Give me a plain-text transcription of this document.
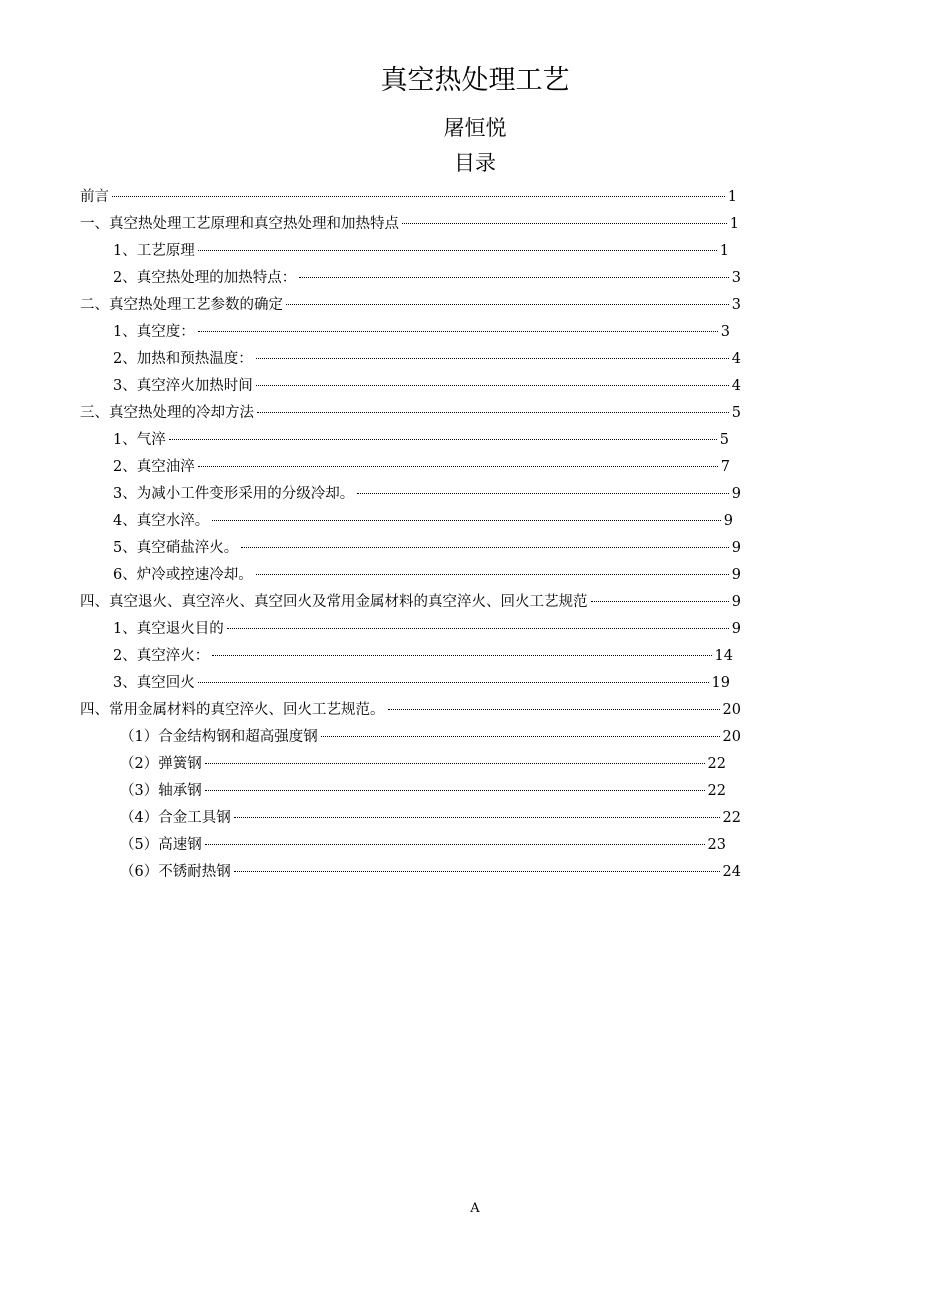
真空热处理工艺
屠恒悦
目录
前言	1
一、真空热处理工艺原理和真空热处理和加热特点	1
1、工艺原理	1
2、真空热处理的加热特点：	3
二、真空热处理工艺参数的确定	3
1、真空度：	3
2、加热和预热温度：	4
3、真空淬火加热时间	4
三、真空热处理的冷却方法	5
1、气淬	5
2、真空油淬	7
3、为减小工件变形采用的分级冷却。	9
4、真空水淬。	9
5、真空硝盐淬火。	9
6、炉冷或控速冷却。	9
四、真空退火、真空淬火、真空回火及常用金属材料的真空淬火、回火工艺规范	9
1、真空退火目的	9
2、真空淬火：	14
3、真空回火	19
四、常用金属材料的真空淬火、回火工艺规范。	20
（1）合金结构钢和超高强度钢	20
（2）弹簧钢	22
（3）轴承钢	22
（4）合金工具钢	22
（5）高速钢	23
（6）不锈耐热钢	24
A
